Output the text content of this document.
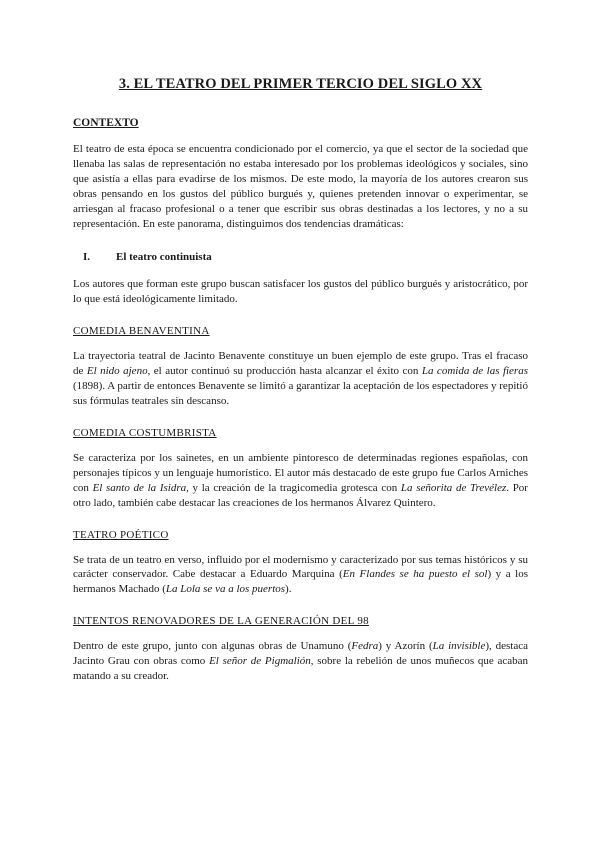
3. EL TEATRO DEL PRIMER TERCIO DEL SIGLO XX
CONTEXTO

El teatro de esta época se encuentra condicionado por el comercio, ya que el sector de la sociedad que llenaba las salas de representación no estaba interesado por los problemas ideológicos y sociales, sino que asistía a ellas para evadirse de los mismos. De este modo, la mayoría de los autores crearon sus obras pensando en los gustos del público burgués y, quienes pretenden innovar o experimentar, se arriesgan al fracaso profesional o a tener que escribir sus obras destinadas a los lectores, y no a su representación. En este panorama, distinguimos dos tendencias dramáticas:

I.	El teatro continuista

Los autores que forman este grupo buscan satisfacer los gustos del público burgués y aristocrático, por lo que está ideológicamente limitado.

COMEDIA BENAVENTINA

La trayectoria teatral de Jacinto Benavente constituye un buen ejemplo de este grupo. Tras el fracaso de El nido ajeno, el autor continuó su producción hasta alcanzar el éxito con La comida de las fieras (1898). A partir de entonces Benavente se limitó a garantizar la aceptación de los espectadores y repitió sus fórmulas teatrales sin descanso.

COMEDIA COSTUMBRISTA

Se caracteriza por los sainetes, en un ambiente pintoresco de determinadas regiones españolas, con personajes típicos y un lenguaje humorístico. El autor más destacado de este grupo fue Carlos Arniches con El santo de la Isidra, y la creación de la tragicomedia grotesca con La señorita de Trevélez. Por otro lado, también cabe destacar las creaciones de los hermanos Álvarez Quintero.

TEATRO POÉTICO

Se trata de un teatro en verso, influido por el modernismo y caracterizado por sus temas históricos y su carácter conservador. Cabe destacar a Eduardo Marquina (En Flandes se ha puesto el sol) y a los hermanos Machado (La Lola se va a los puertos).

INTENTOS RENOVADORES DE LA GENERACIÓN DEL 98

Dentro de este grupo, junto con algunas obras de Unamuno (Fedra) y Azorín (La invisible), destaca Jacinto Grau con obras como El señor de Pigmalión, sobre la rebelión de unos muñecos que acaban matando a su creador.
